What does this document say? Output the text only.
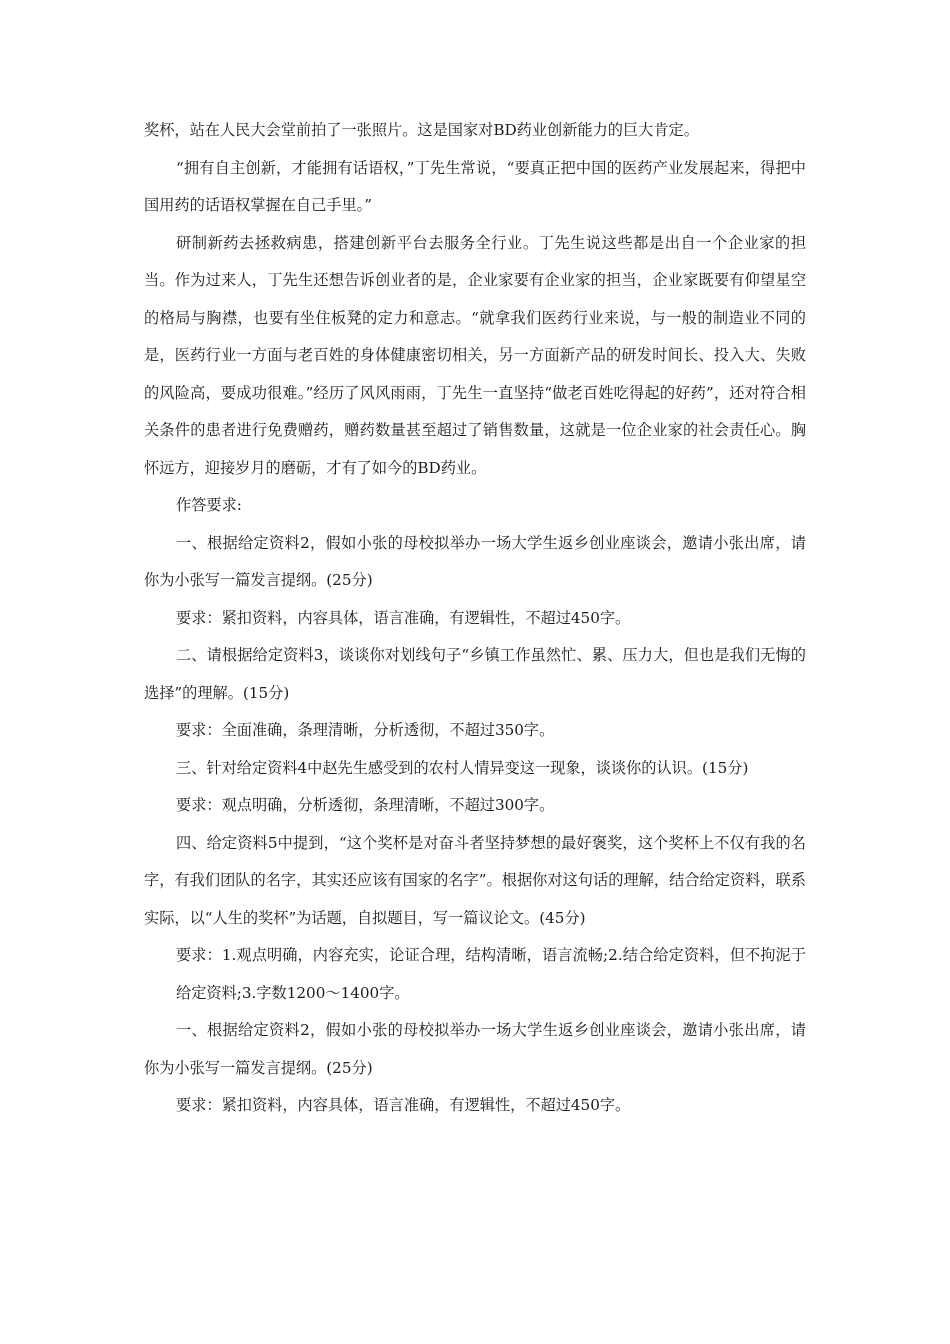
奖杯，站在人民大会堂前拍了一张照片。这是国家对BD药业创新能力的巨大肯定。

“拥有自主创新，才能拥有话语权，”丁先生常说，“要真正把中国的医药产业发展起来，得把中国用药的话语权掌握在自己手里。”

研制新药去拯救病患，搭建创新平台去服务全行业。丁先生说这些都是出自一个企业家的担当。作为过来人，丁先生还想告诉创业者的是，企业家要有企业家的担当，企业家既要有仰望星空的格局与胸襟，也要有坐住板凳的定力和意志。“就拿我们医药行业来说，与一般的制造业不同的是，医药行业一方面与老百姓的身体健康密切相关，另一方面新产品的研发时间长、投入大、失败的风险高，要成功很难。”经历了风风雨雨，丁先生一直坚持“做老百姓吃得起的好药”，还对符合相关条件的患者进行免费赠药，赠药数量甚至超过了销售数量，这就是一位企业家的社会责任心。胸怀远方，迎接岁月的磨砺，才有了如今的BD药业。

作答要求:

一、根据给定资料2，假如小张的母校拟举办一场大学生返乡创业座谈会，邀请小张出席，请你为小张写一篇发言提纲。(25分)

要求：紧扣资料，内容具体，语言准确，有逻辑性，不超过450字。

二、请根据给定资料3，谈谈你对划线句子“乡镇工作虽然忙、累、压力大，但也是我们无悔的选择”的理解。(15分)

要求：全面准确，条理清晰，分析透彻，不超过350字。

三、针对给定资料4中赵先生感受到的农村人情异变这一现象，谈谈你的认识。(15分)

要求：观点明确，分析透彻，条理清晰，不超过300字。

四、给定资料5中提到，“这个奖杯是对奋斗者坚持梦想的最好褒奖，这个奖杯上不仅有我的名字，有我们团队的名字，其实还应该有国家的名字”。根据你对这句话的理解，结合给定资料，联系实际，以“人生的奖杯”为话题，自拟题目，写一篇议论文。(45分)

要求：1.观点明确，内容充实，论证合理，结构清晰，语言流畅;2.结合给定资料，但不拘泥于给定资料;3.字数1200～1400字。

一、根据给定资料2，假如小张的母校拟举办一场大学生返乡创业座谈会，邀请小张出席，请你为小张写一篇发言提纲。(25分)

要求：紧扣资料，内容具体，语言准确，有逻辑性，不超过450字。
